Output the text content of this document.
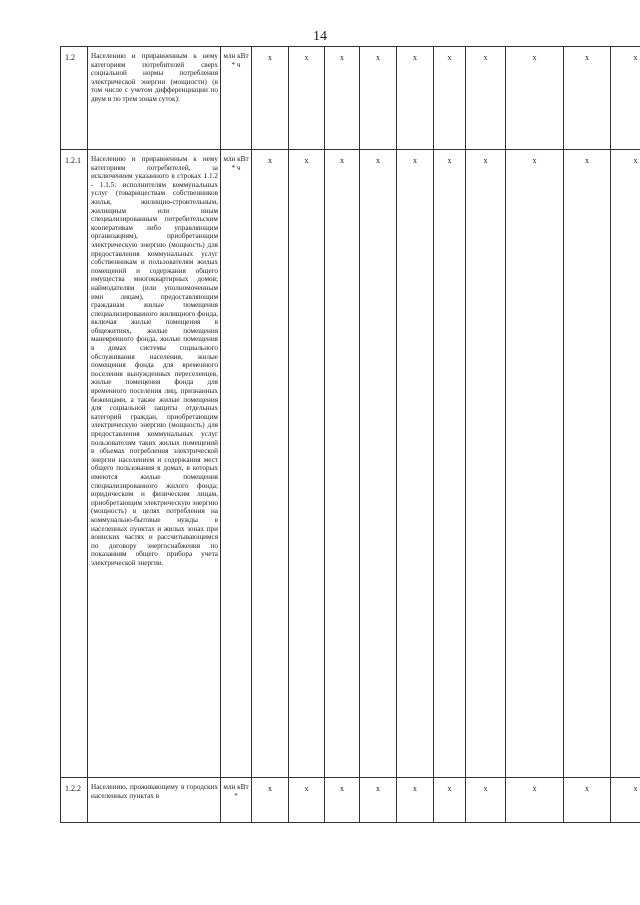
14
1.2	Населению и приравненным к нему категориям потребителей сверх социальной нормы потребления электрической энергии (мощности) (в том числе с учетом дифференциации по двум и по трем зонам суток):	млн кВт * ч	x	x	x	x	x	x	x	x	x	x
1.2.1	Населению и приравненным к нему категориям потребителей, за исключением указанного в строках 1.1.2 - 1.1.5: исполнителям коммунальных услуг (товариществам собственников жилья, жилищно-строительным, жилищным или иным специализированным потребительским кооперативам либо управляющим организациям), приобретающим электрическую энергию (мощность) для предоставления коммунальных услуг собственникам и пользователям жилых помещений и содержания общего имущества многоквартирных домов; наймодателям (или уполномоченным ими лицам), предоставляющим гражданам жилые помещения специализированного жилищного фонда, включая жилые помещения в общежитиях, жилые помещения маневренного фонда, жилые помещения в домах системы социального обслуживания населения, жилые помещения фонда для временного поселения вынужденных переселенцев, жилые помещения фонда для временного поселения лиц, признанных беженцами, а также жилые помещения для социальной защиты отдельных категорий граждан, приобретающим электрическую энергию (мощность) для предоставления коммунальных услуг пользователям таких жилых помещений в объемах потребления электрической энергии населением и содержания мест общего пользования в домах, в которых имеются жилые помещения специализированного жилого фонда; юридическим и физическим лицам, приобретающим электрическую энергию (мощность) в целях потребления на коммунально-бытовые нужды в населенных пунктах и жилых зонах при воинских частях и рассчитывающимся по договору энергоснабжения по показаниям общего прибора учета электрической энергии.	млн кВт * ч	x	x	x	x	x	x	x	x	x	x
1.2.2	Населению, проживающему в городских населенных пунктах в	млн кВт *	x	x	x	x	x	x	x	x	x	x
